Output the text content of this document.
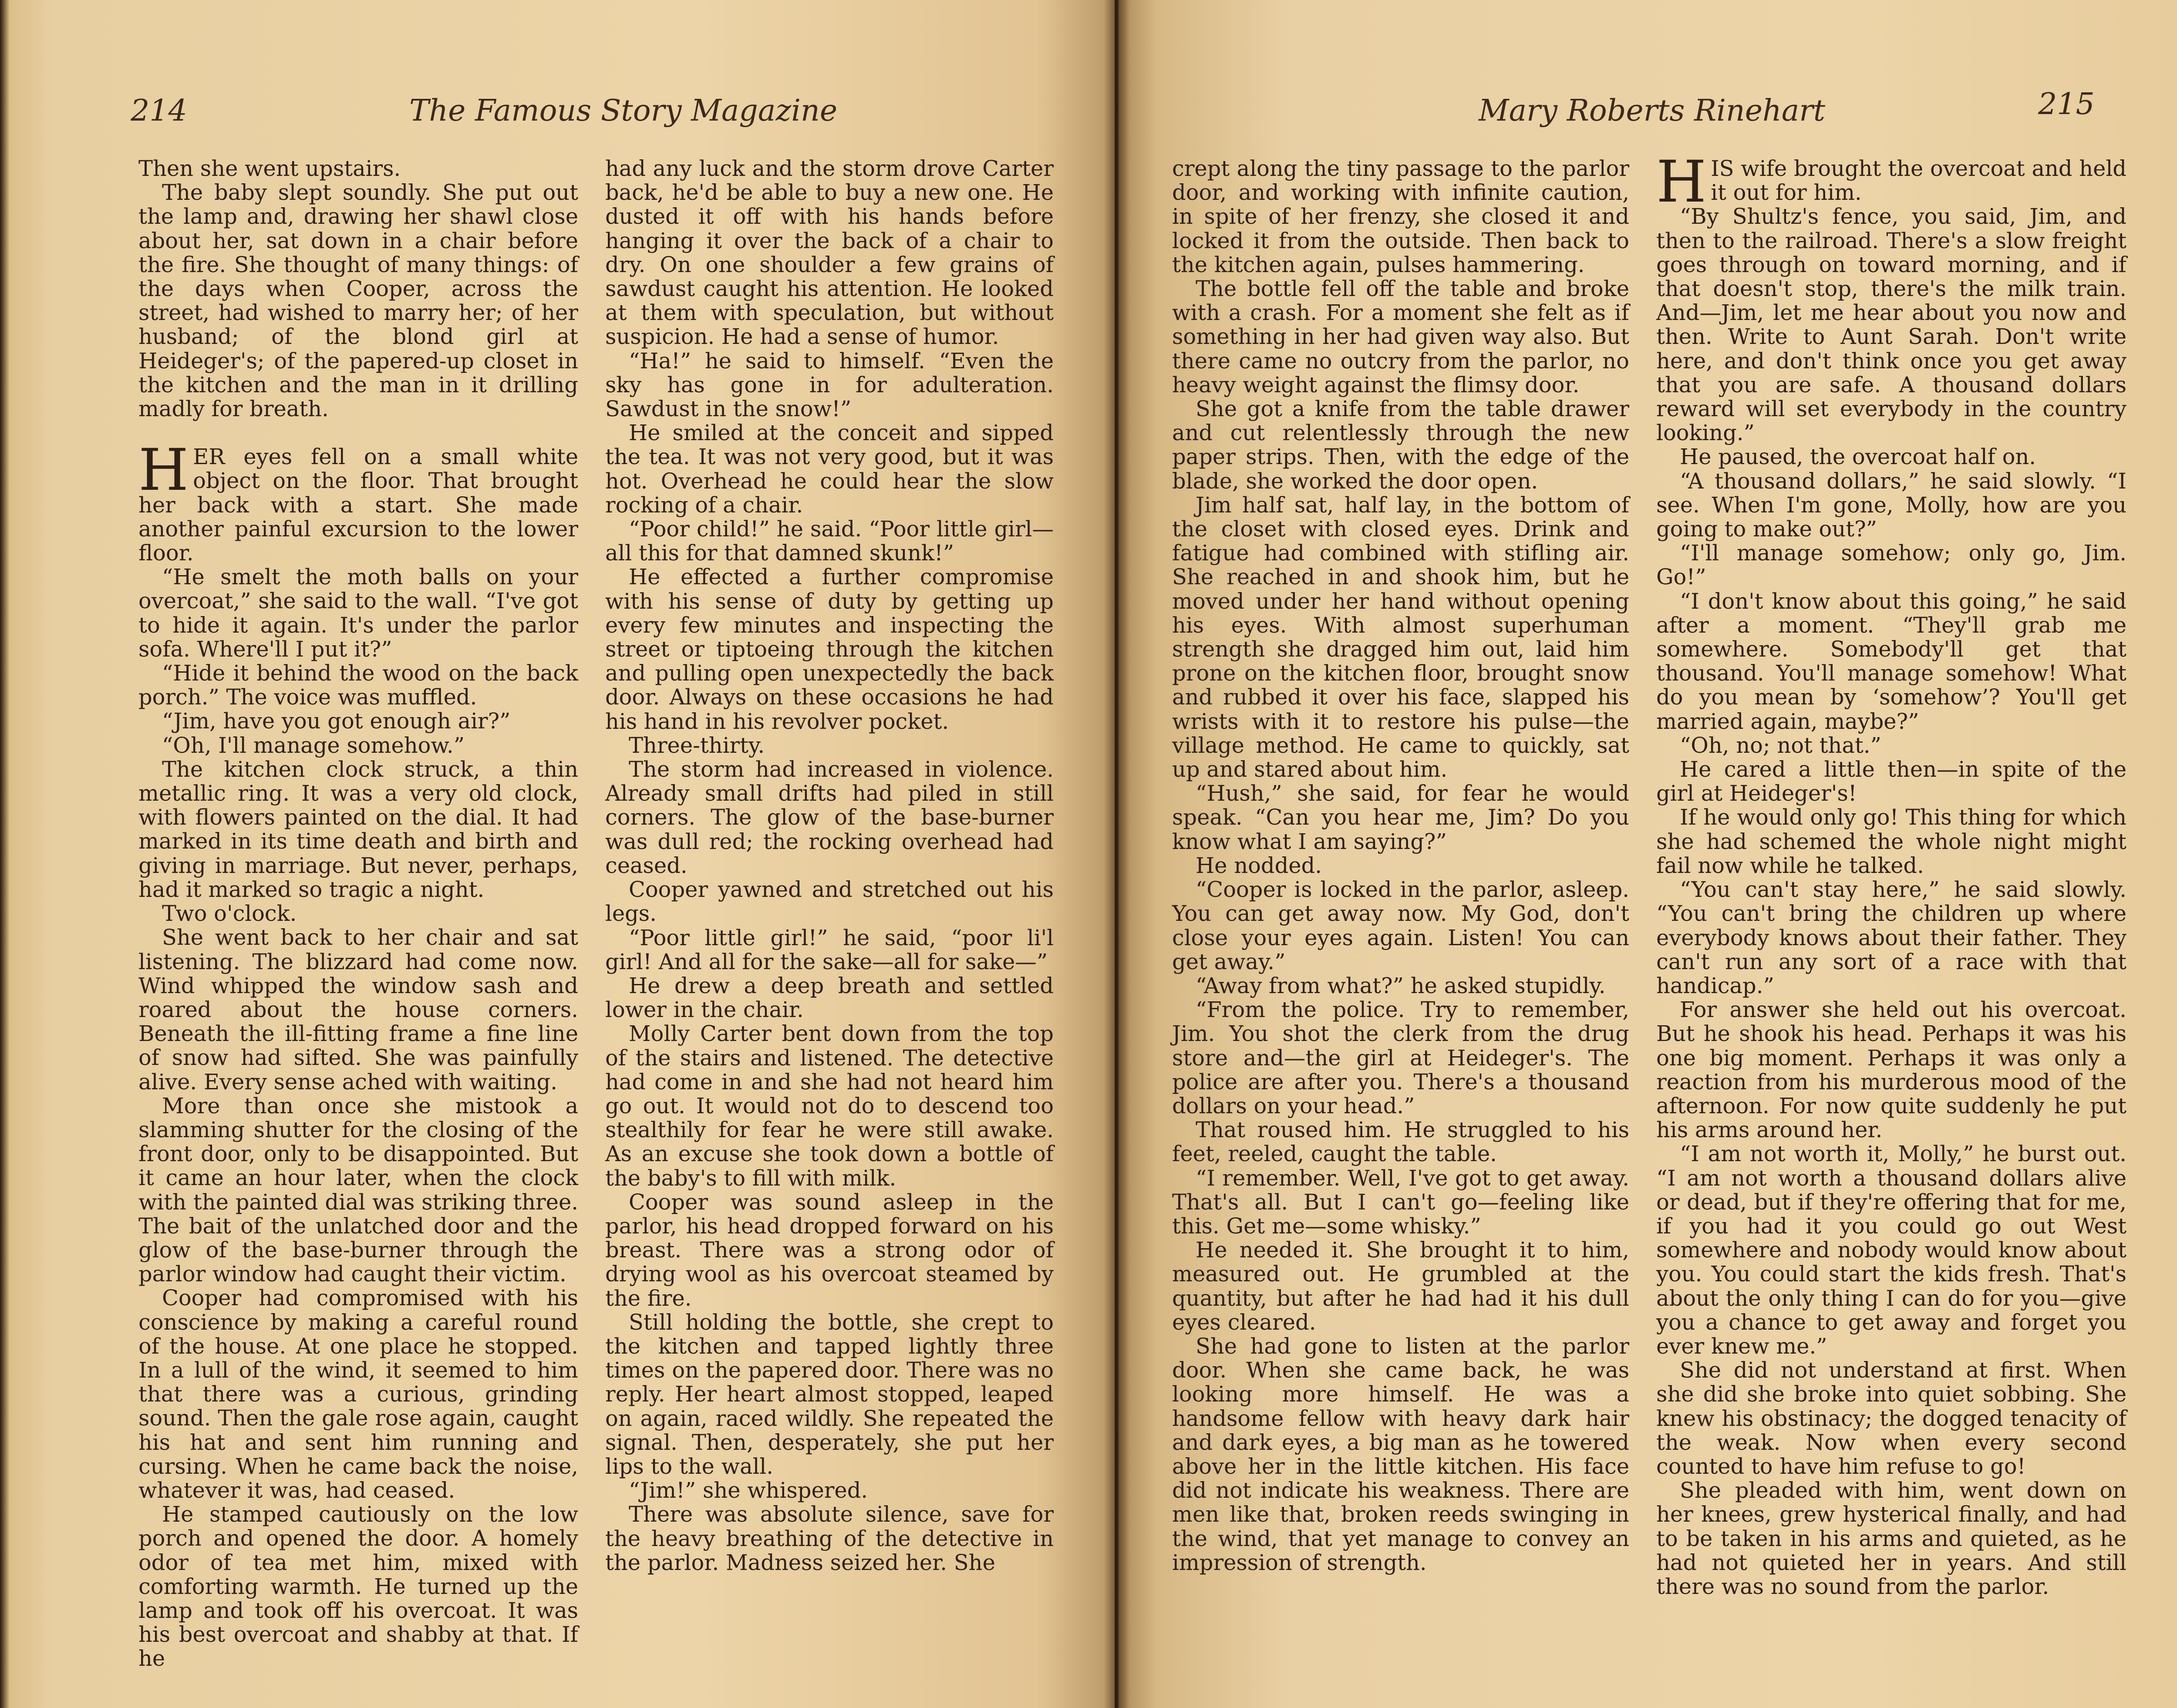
214	The Famous Story Magazine

Then she went upstairs.

The baby slept soundly. She put out the lamp and, drawing her shawl close about her, sat down in a chair before the fire. She thought of many things: of the days when Cooper, across the street, had wished to marry her; of her husband; of the blond girl at Heideger's; of the papered-up closet in the kitchen and the man in it drilling madly for breath.

HER eyes fell on a small white object on the floor. That brought her back with a start. She made another painful excursion to the lower floor.

“He smelt the moth balls on your overcoat,” she said to the wall. “I've got to hide it again. It's under the parlor sofa. Where'll I put it?”

“Hide it behind the wood on the back porch.” The voice was muffled.

“Jim, have you got enough air?”

“Oh, I'll manage somehow.”

The kitchen clock struck, a thin metallic ring. It was a very old clock, with flowers painted on the dial. It had marked in its time death and birth and giving in marriage. But never, perhaps, had it marked so tragic a night.

Two o'clock.

She went back to her chair and sat listening. The blizzard had come now. Wind whipped the window sash and roared about the house corners. Beneath the ill-fitting frame a fine line of snow had sifted. She was painfully alive. Every sense ached with waiting.

More than once she mistook a slamming shutter for the closing of the front door, only to be disappointed. But it came an hour later, when the clock with the painted dial was striking three. The bait of the unlatched door and the glow of the base-burner through the parlor window had caught their victim.

Cooper had compromised with his conscience by making a careful round of the house. At one place he stopped. In a lull of the wind, it seemed to him that there was a curious, grinding sound. Then the gale rose again, caught his hat and sent him running and cursing. When he came back the noise, whatever it was, had ceased.

He stamped cautiously on the low porch and opened the door. A homely odor of tea met him, mixed with comforting warmth. He turned up the lamp and took off his overcoat. It was his best overcoat and shabby at that. If he

had any luck and the storm drove Carter back, he'd be able to buy a new one. He dusted it off with his hands before hanging it over the back of a chair to dry. On one shoulder a few grains of sawdust caught his attention. He looked at them with speculation, but without suspicion. He had a sense of humor.

“Ha!” he said to himself. “Even the sky has gone in for adulteration. Sawdust in the snow!”

He smiled at the conceit and sipped the tea. It was not very good, but it was hot. Overhead he could hear the slow rocking of a chair.

“Poor child!” he said. “Poor little girl—all this for that damned skunk!”

He effected a further compromise with his sense of duty by getting up every few minutes and inspecting the street or tiptoeing through the kitchen and pulling open unexpectedly the back door. Always on these occasions he had his hand in his revolver pocket.

Three-thirty.

The storm had increased in violence. Already small drifts had piled in still corners. The glow of the base-burner was dull red; the rocking overhead had ceased.

Cooper yawned and stretched out his legs.

“Poor little girl!” he said, “poor li'l girl! And all for the sake—all for sake—”

He drew a deep breath and settled lower in the chair.

Molly Carter bent down from the top of the stairs and listened. The detective had come in and she had not heard him go out. It would not do to descend too stealthily for fear he were still awake. As an excuse she took down a bottle of the baby's to fill with milk.

Cooper was sound asleep in the parlor, his head dropped forward on his breast. There was a strong odor of drying wool as his overcoat steamed by the fire.

Still holding the bottle, she crept to the kitchen and tapped lightly three times on the papered door. There was no reply. Her heart almost stopped, leaped on again, raced wildly. She repeated the signal. Then, desperately, she put her lips to the wall.

“Jim!” she whispered.

There was absolute silence, save for the heavy breathing of the detective in the parlor. Madness seized her. She

Mary Roberts Rinehart	215

crept along the tiny passage to the parlor door, and working with infinite caution, in spite of her frenzy, she closed it and locked it from the outside. Then back to the kitchen again, pulses hammering.

The bottle fell off the table and broke with a crash. For a moment she felt as if something in her had given way also. But there came no outcry from the parlor, no heavy weight against the flimsy door.

She got a knife from the table drawer and cut relentlessly through the new paper strips. Then, with the edge of the blade, she worked the door open.

Jim half sat, half lay, in the bottom of the closet with closed eyes. Drink and fatigue had combined with stifling air. She reached in and shook him, but he moved under her hand without opening his eyes. With almost superhuman strength she dragged him out, laid him prone on the kitchen floor, brought snow and rubbed it over his face, slapped his wrists with it to restore his pulse—the village method. He came to quickly, sat up and stared about him.

“Hush,” she said, for fear he would speak. “Can you hear me, Jim? Do you know what I am saying?”

He nodded.

“Cooper is locked in the parlor, asleep. You can get away now. My God, don't close your eyes again. Listen! You can get away.”

“Away from what?” he asked stupidly.

“From the police. Try to remember, Jim. You shot the clerk from the drug store and—the girl at Heideger's. The police are after you. There's a thousand dollars on your head.”

That roused him. He struggled to his feet, reeled, caught the table.

“I remember. Well, I've got to get away. That's all. But I can't go—feeling like this. Get me—some whisky.”

He needed it. She brought it to him, measured out. He grumbled at the quantity, but after he had had it his dull eyes cleared.

She had gone to listen at the parlor door. When she came back, he was looking more himself. He was a handsome fellow with heavy dark hair and dark eyes, a big man as he towered above her in the little kitchen. His face did not indicate his weakness. There are men like that, broken reeds swinging in the wind, that yet manage to convey an impression of strength.

HIS wife brought the overcoat and held it out for him.

“By Shultz's fence, you said, Jim, and then to the railroad. There's a slow freight goes through on toward morning, and if that doesn't stop, there's the milk train. And—Jim, let me hear about you now and then. Write to Aunt Sarah. Don't write here, and don't think once you get away that you are safe. A thousand dollars reward will set everybody in the country looking.”

He paused, the overcoat half on.

“A thousand dollars,” he said slowly. “I see. When I'm gone, Molly, how are you going to make out?”

“I'll manage somehow; only go, Jim. Go!”

“I don't know about this going,” he said after a moment. “They'll grab me somewhere. Somebody'll get that thousand. You'll manage somehow! What do you mean by ‘somehow’? You'll get married again, maybe?”

“Oh, no; not that.”

He cared a little then—in spite of the girl at Heideger's!

If he would only go! This thing for which she had schemed the whole night might fail now while he talked.

“You can't stay here,” he said slowly. “You can't bring the children up where everybody knows about their father. They can't run any sort of a race with that handicap.”

For answer she held out his overcoat. But he shook his head. Perhaps it was his one big moment. Perhaps it was only a reaction from his murderous mood of the afternoon. For now quite suddenly he put his arms around her.

“I am not worth it, Molly,” he burst out. “I am not worth a thousand dollars alive or dead, but if they're offering that for me, if you had it you could go out West somewhere and nobody would know about you. You could start the kids fresh. That's about the only thing I can do for you—give you a chance to get away and forget you ever knew me.”

She did not understand at first. When she did she broke into quiet sobbing. She knew his obstinacy; the dogged tenacity of the weak. Now when every second counted to have him refuse to go!

She pleaded with him, went down on her knees, grew hysterical finally, and had to be taken in his arms and quieted, as he had not quieted her in years. And still there was no sound from the parlor.
